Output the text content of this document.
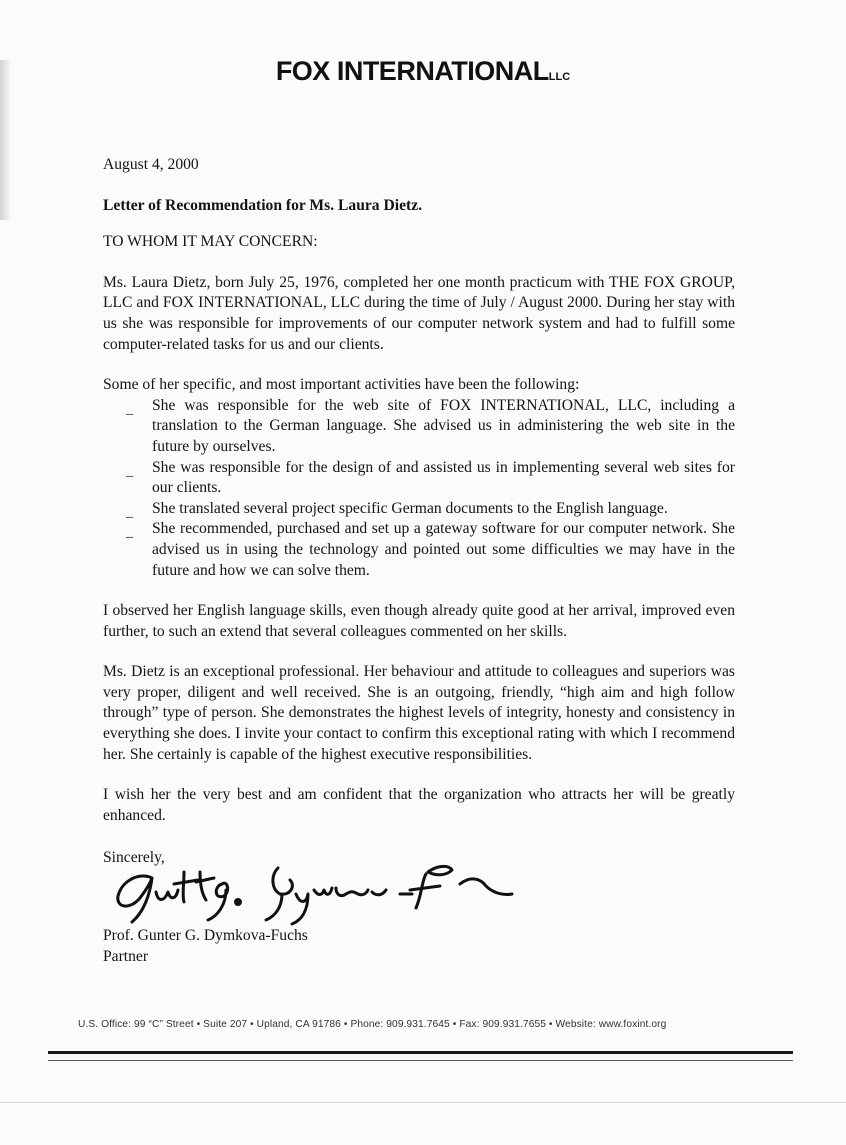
FOX INTERNATIONALLLC

August 4, 2000

Letter of Recommendation for Ms. Laura Dietz.

TO WHOM IT MAY CONCERN:

Ms. Laura Dietz, born July 25, 1976, completed her one month practicum with THE FOX GROUP, LLC and FOX INTERNATIONAL, LLC during the time of July / August 2000. During her stay with us she was responsible for improvements of our computer network system and had to fulfill some computer-related tasks for us and our clients.

Some of her specific, and most important activities have been the following:

_ She was responsible for the web site of FOX INTERNATIONAL, LLC, including a translation to the German language. She advised us in administering the web site in the future by ourselves.
_ She was responsible for the design of and assisted us in implementing several web sites for our clients.
_ She translated several project specific German documents to the English language.
_ She recommended, purchased and set up a gateway software for our computer network. She advised us in using the technology and pointed out some difficulties we may have in the future and how we can solve them.

I observed her English language skills, even though already quite good at her arrival, improved even further, to such an extend that several colleagues commented on her skills.

Ms. Dietz is an exceptional professional. Her behaviour and attitude to colleagues and superiors was very proper, diligent and well received. She is an outgoing, friendly, “high aim and high follow through” type of person. She demonstrates the highest levels of integrity, honesty and consistency in everything she does. I invite your contact to confirm this exceptional rating with which I recommend her. She certainly is capable of the highest executive responsibilities.

I wish her the very best and am confident that the organization who attracts her will be greatly enhanced.

Sincerely,

Prof. Gunter G. Dymkova-Fuchs
Partner
U.S. Office: 99 “C” Street • Suite 207 • Upland, CA 91786 • Phone: 909.931.7645 • Fax: 909.931.7655 • Website: www.foxint.org
